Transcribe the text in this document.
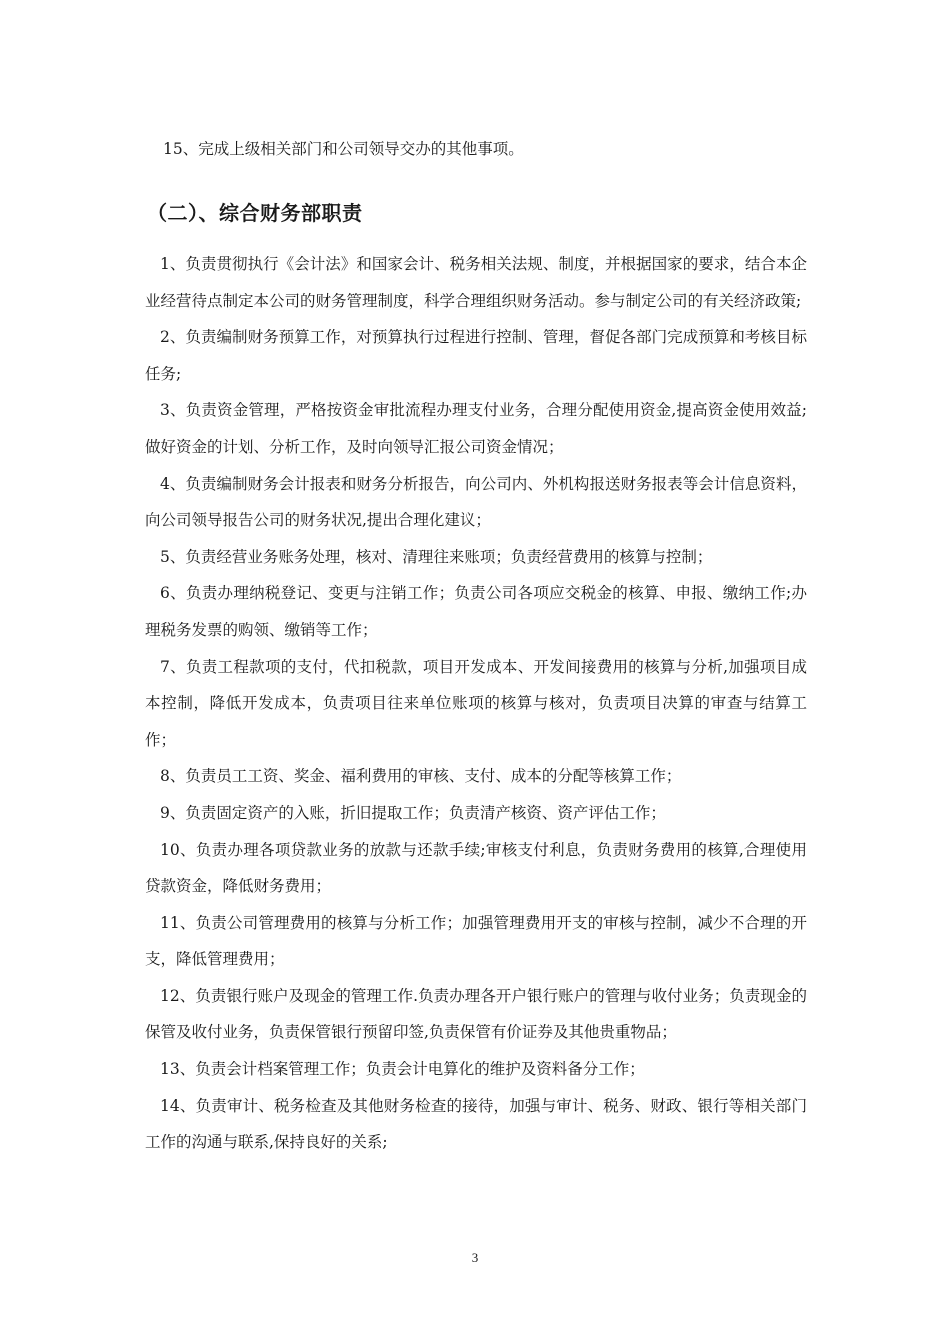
15、完成上级相关部门和公司领导交办的其他事项。

（二）、综合财务部职责

1、负责贯彻执行《会计法》和国家会计、税务相关法规、制度，并根据国家的要求，结合本企业经营待点制定本公司的财务管理制度，科学合理组织财务活动。参与制定公司的有关经济政策;

2、负责编制财务预算工作，对预算执行过程进行控制、管理，督促各部门完成预算和考核目标任务;

3、负责资金管理，严格按资金审批流程办理支付业务，合理分配使用资金,提高资金使用效益;做好资金的计划、分析工作，及时向领导汇报公司资金情况；

4、负责编制财务会计报表和财务分析报告，向公司内、外机构报送财务报表等会计信息资料，向公司领导报告公司的财务状况,提出合理化建议；

5、负责经营业务账务处理，核对、清理往来账项；负责经营费用的核算与控制；

6、负责办理纳税登记、变更与注销工作；负责公司各项应交税金的核算、申报、缴纳工作;办理税务发票的购领、缴销等工作；

7、负责工程款项的支付，代扣税款，项目开发成本、开发间接费用的核算与分析,加强项目成本控制，降低开发成本，负责项目往来单位账项的核算与核对，负责项目决算的审查与结算工作；

8、负责员工工资、奖金、福利费用的审核、支付、成本的分配等核算工作；

9、负责固定资产的入账，折旧提取工作；负责清产核资、资产评估工作；

10、负责办理各项贷款业务的放款与还款手续;审核支付利息，负责财务费用的核算,合理使用贷款资金，降低财务费用；

11、负责公司管理费用的核算与分析工作；加强管理费用开支的审核与控制，减少不合理的开支，降低管理费用；

12、负责银行账户及现金的管理工作.负责办理各开户银行账户的管理与收付业务；负责现金的保管及收付业务，负责保管银行预留印签,负责保管有价证券及其他贵重物品；

13、负责会计档案管理工作；负责会计电算化的维护及资料备分工作；

14、负责审计、税务检查及其他财务检查的接待，加强与审计、税务、财政、银行等相关部门工作的沟通与联系,保持良好的关系;

3
